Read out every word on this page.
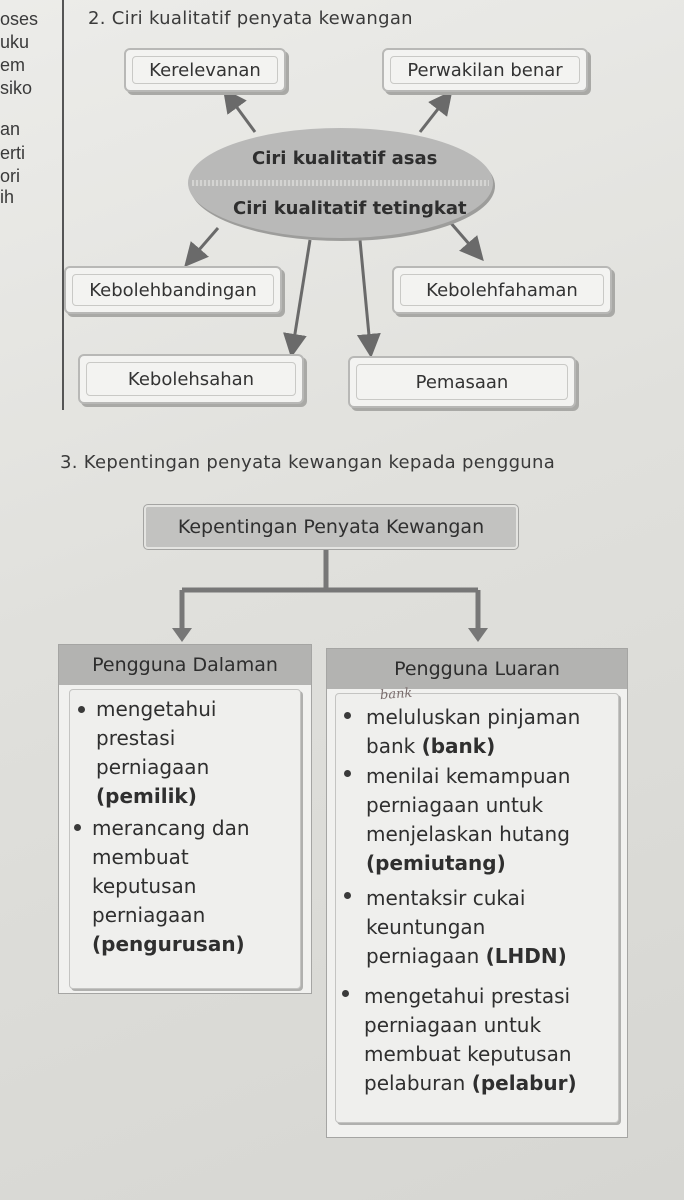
oses
uku
em
siko
an
erti
ori
ih
2. Ciri kualitatif penyata kewangan
Kerelevanan	Perwakilan benar
Ciri kualitatif asas
Ciri kualitatif tetingkat
Kebolehbandingan	Kebolehfahaman
Kebolehsahan	Pemasaan
3. Kepentingan penyata kewangan kepada pengguna
Kepentingan Penyata Kewangan
Pengguna Dalaman
mengetahui
prestasi
perniagaan
(pemilik)
merancang dan
membuat
keputusan
perniagaan
(pengurusan)
Pengguna Luaran
bank
meluluskan pinjaman
bank (bank)
menilai kemampuan
perniagaan untuk
menjelaskan hutang
(pemiutang)
mentaksir cukai
keuntungan
perniagaan (LHDN)
mengetahui prestasi
perniagaan untuk
membuat keputusan
pelaburan (pelabur)
